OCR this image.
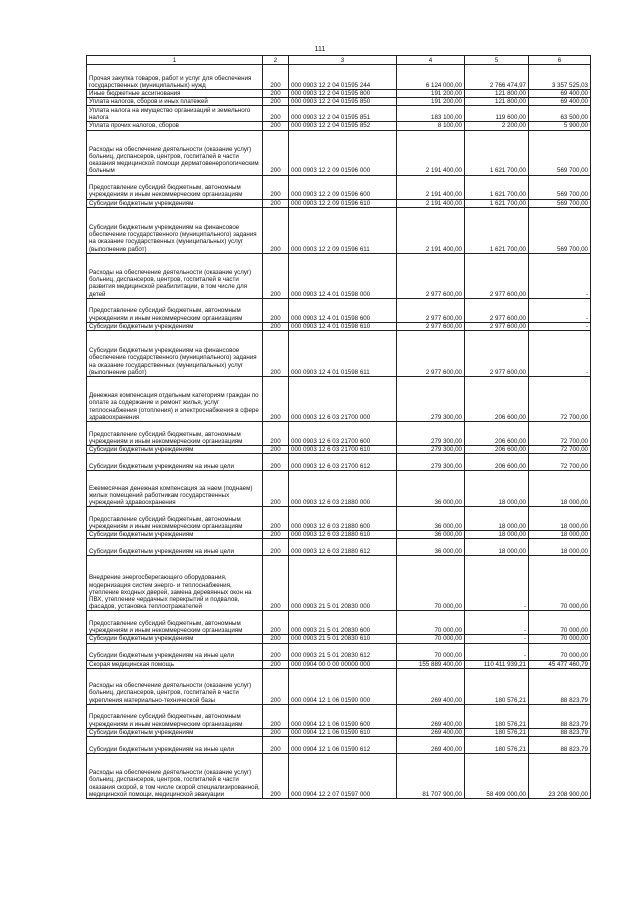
111
1	2	3	4	5	6
Прочая закупка товаров, работ и услуг для обеспечения государственных (муниципальных) нужд	200	000 0903 12 2 04 01595 244	6 124 000,00	2 766 474,97	3 357 525,03
Иные бюджетные ассигнования	200	000 0903 12 2 04 01595 800	191 200,00	121 800,00	69 400,00
Уплата налогов, сборов и иных платежей	200	000 0903 12 2 04 01595 850	191 200,00	121 800,00	69 400,00
Уплата налога на имущество организаций и земельного налога	200	000 0903 12 2 04 01595 851	183 100,00	119 600,00	63 500,00
Уплата прочих налогов, сборов	200	000 0903 12 2 04 01595 852	8 100,00	2 200,00	5 900,00
Расходы на обеспечение деятельности (оказание услуг) больниц, диспансеров, центров, госпиталей в части оказания медицинской помощи дерматовенерологическим больным	200	000 0903 12 2 09 01596 000	2 191 400,00	1 621 700,00	569 700,00
Предоставление субсидий бюджетным, автономным учреждениям и иным некоммерческим организациям	200	000 0903 12 2 09 01596 600	2 191 400,00	1 621 700,00	569 700,00
Субсидии бюджетным учреждениям	200	000 0903 12 2 09 01596 610	2 191 400,00	1 621 700,00	569 700,00
Субсидии бюджетным учреждениям на финансовое обеспечение государственного (муниципального) задания на оказание государственных (муниципальных) услуг (выполнение работ)	200	000 0903 12 2 09 01596 611	2 191 400,00	1 621 700,00	569 700,00
Расходы на обеспечение деятельности (оказание услуг) больниц, диспансеров, центров, госпиталей в части развития медицинской реабилитации, в том числе для детей	200	000 0903 12 4 01 01598 000	2 977 600,00	2 977 600,00	-
Предоставление субсидий бюджетным, автономным учреждениям и иным некоммерческим организациям	200	000 0903 12 4 01 01598 600	2 977 600,00	2 977 600,00	-
Субсидии бюджетным учреждениям	200	000 0903 12 4 01 01598 610	2 977 600,00	2 977 600,00	-
Субсидии бюджетным учреждениям на финансовое обеспечение государственного (муниципального) задания на оказание государственных (муниципальных) услуг (выполнение работ)	200	000 0903 12 4 01 01598 611	2 977 600,00	2 977 600,00	-
Денежная компенсация отдельным категориям граждан по оплате за содержание и ремонт жилья, услуг теплоснабжения (отопления) и электроснабжения в сфере здравоохранения	200	000 0903 12 6 03 21700 000	279 300,00	206 600,00	72 700,00
Предоставление субсидий бюджетным, автономным учреждениям и иным некоммерческим организациям	200	000 0903 12 6 03 21700 600	279 300,00	206 600,00	72 700,00
Субсидии бюджетным учреждениям	200	000 0903 12 6 03 21700 610	279 300,00	206 600,00	72 700,00
Субсидии бюджетным учреждениям на иные цели	200	000 0903 12 6 03 21700 612	279 300,00	206 600,00	72 700,00
Ежемесячная денежная компенсация за наем (поднаем) жилых помещений работникам государственных учреждений здравоохранения	200	000 0903 12 6 03 21880 000	36 000,00	18 000,00	18 000,00
Предоставление субсидий бюджетным, автономным учреждениям и иным некоммерческим организациям	200	000 0903 12 6 03 21880 600	36 000,00	18 000,00	18 000,00
Субсидии бюджетным учреждениям	200	000 0903 12 6 03 21880 610	36 000,00	18 000,00	18 000,00
Субсидии бюджетным учреждениям на иные цели	200	000 0903 12 6 03 21880 612	36 000,00	18 000,00	18 000,00
Внедрение энергосберегающего оборудования, модернизация систем энерго- и теплоснабжения, утепление входных дверей, замена деревянных окон на ПВХ, утепление чердачных перекрытий и подвалов, фасадов, установка теплоотражателей	200	000 0903 21 5 01 20830 000	70 000,00	-	70 000,00
Предоставление субсидий бюджетным, автономным учреждениям и иным некоммерческим организациям	200	000 0903 21 5 01 20830 600	70 000,00	-	70 000,00
Субсидии бюджетным учреждениям	200	000 0903 21 5 01 20830 610	70 000,00	-	70 000,00
Субсидии бюджетным учреждениям на иные цели	200	000 0903 21 5 01 20830 612	70 000,00	-	70 000,00
Скорая медицинская помощь	200	000 0904 00 0 00 00000 000	155 889 400,00	110 411 939,21	45 477 460,79
Расходы на обеспечение деятельности (оказание услуг) больниц, диспансеров, центров, госпиталей в части укрепления материально-технической базы	200	000 0904 12 1 06 01590 000	269 400,00	180 576,21	88 823,79
Предоставление субсидий бюджетным, автономным учреждениям и иным некоммерческим организациям	200	000 0904 12 1 06 01590 600	269 400,00	180 576,21	88 823,79
Субсидии бюджетным учреждениям	200	000 0904 12 1 06 01590 610	269 400,00	180 576,21	88 823,79
Субсидии бюджетным учреждениям на иные цели	200	000 0904 12 1 06 01590 612	269 400,00	180 576,21	88 823,79
Расходы на обеспечение деятельности (оказание услуг) больниц, диспансеров, центров, госпиталей в части оказания скорой, в том числе скорой специализированной, медицинской помощи, медицинской эвакуации	200	000 0904 12 2 07 01597 000	81 707 900,00	58 499 000,00	23 208 900,00
